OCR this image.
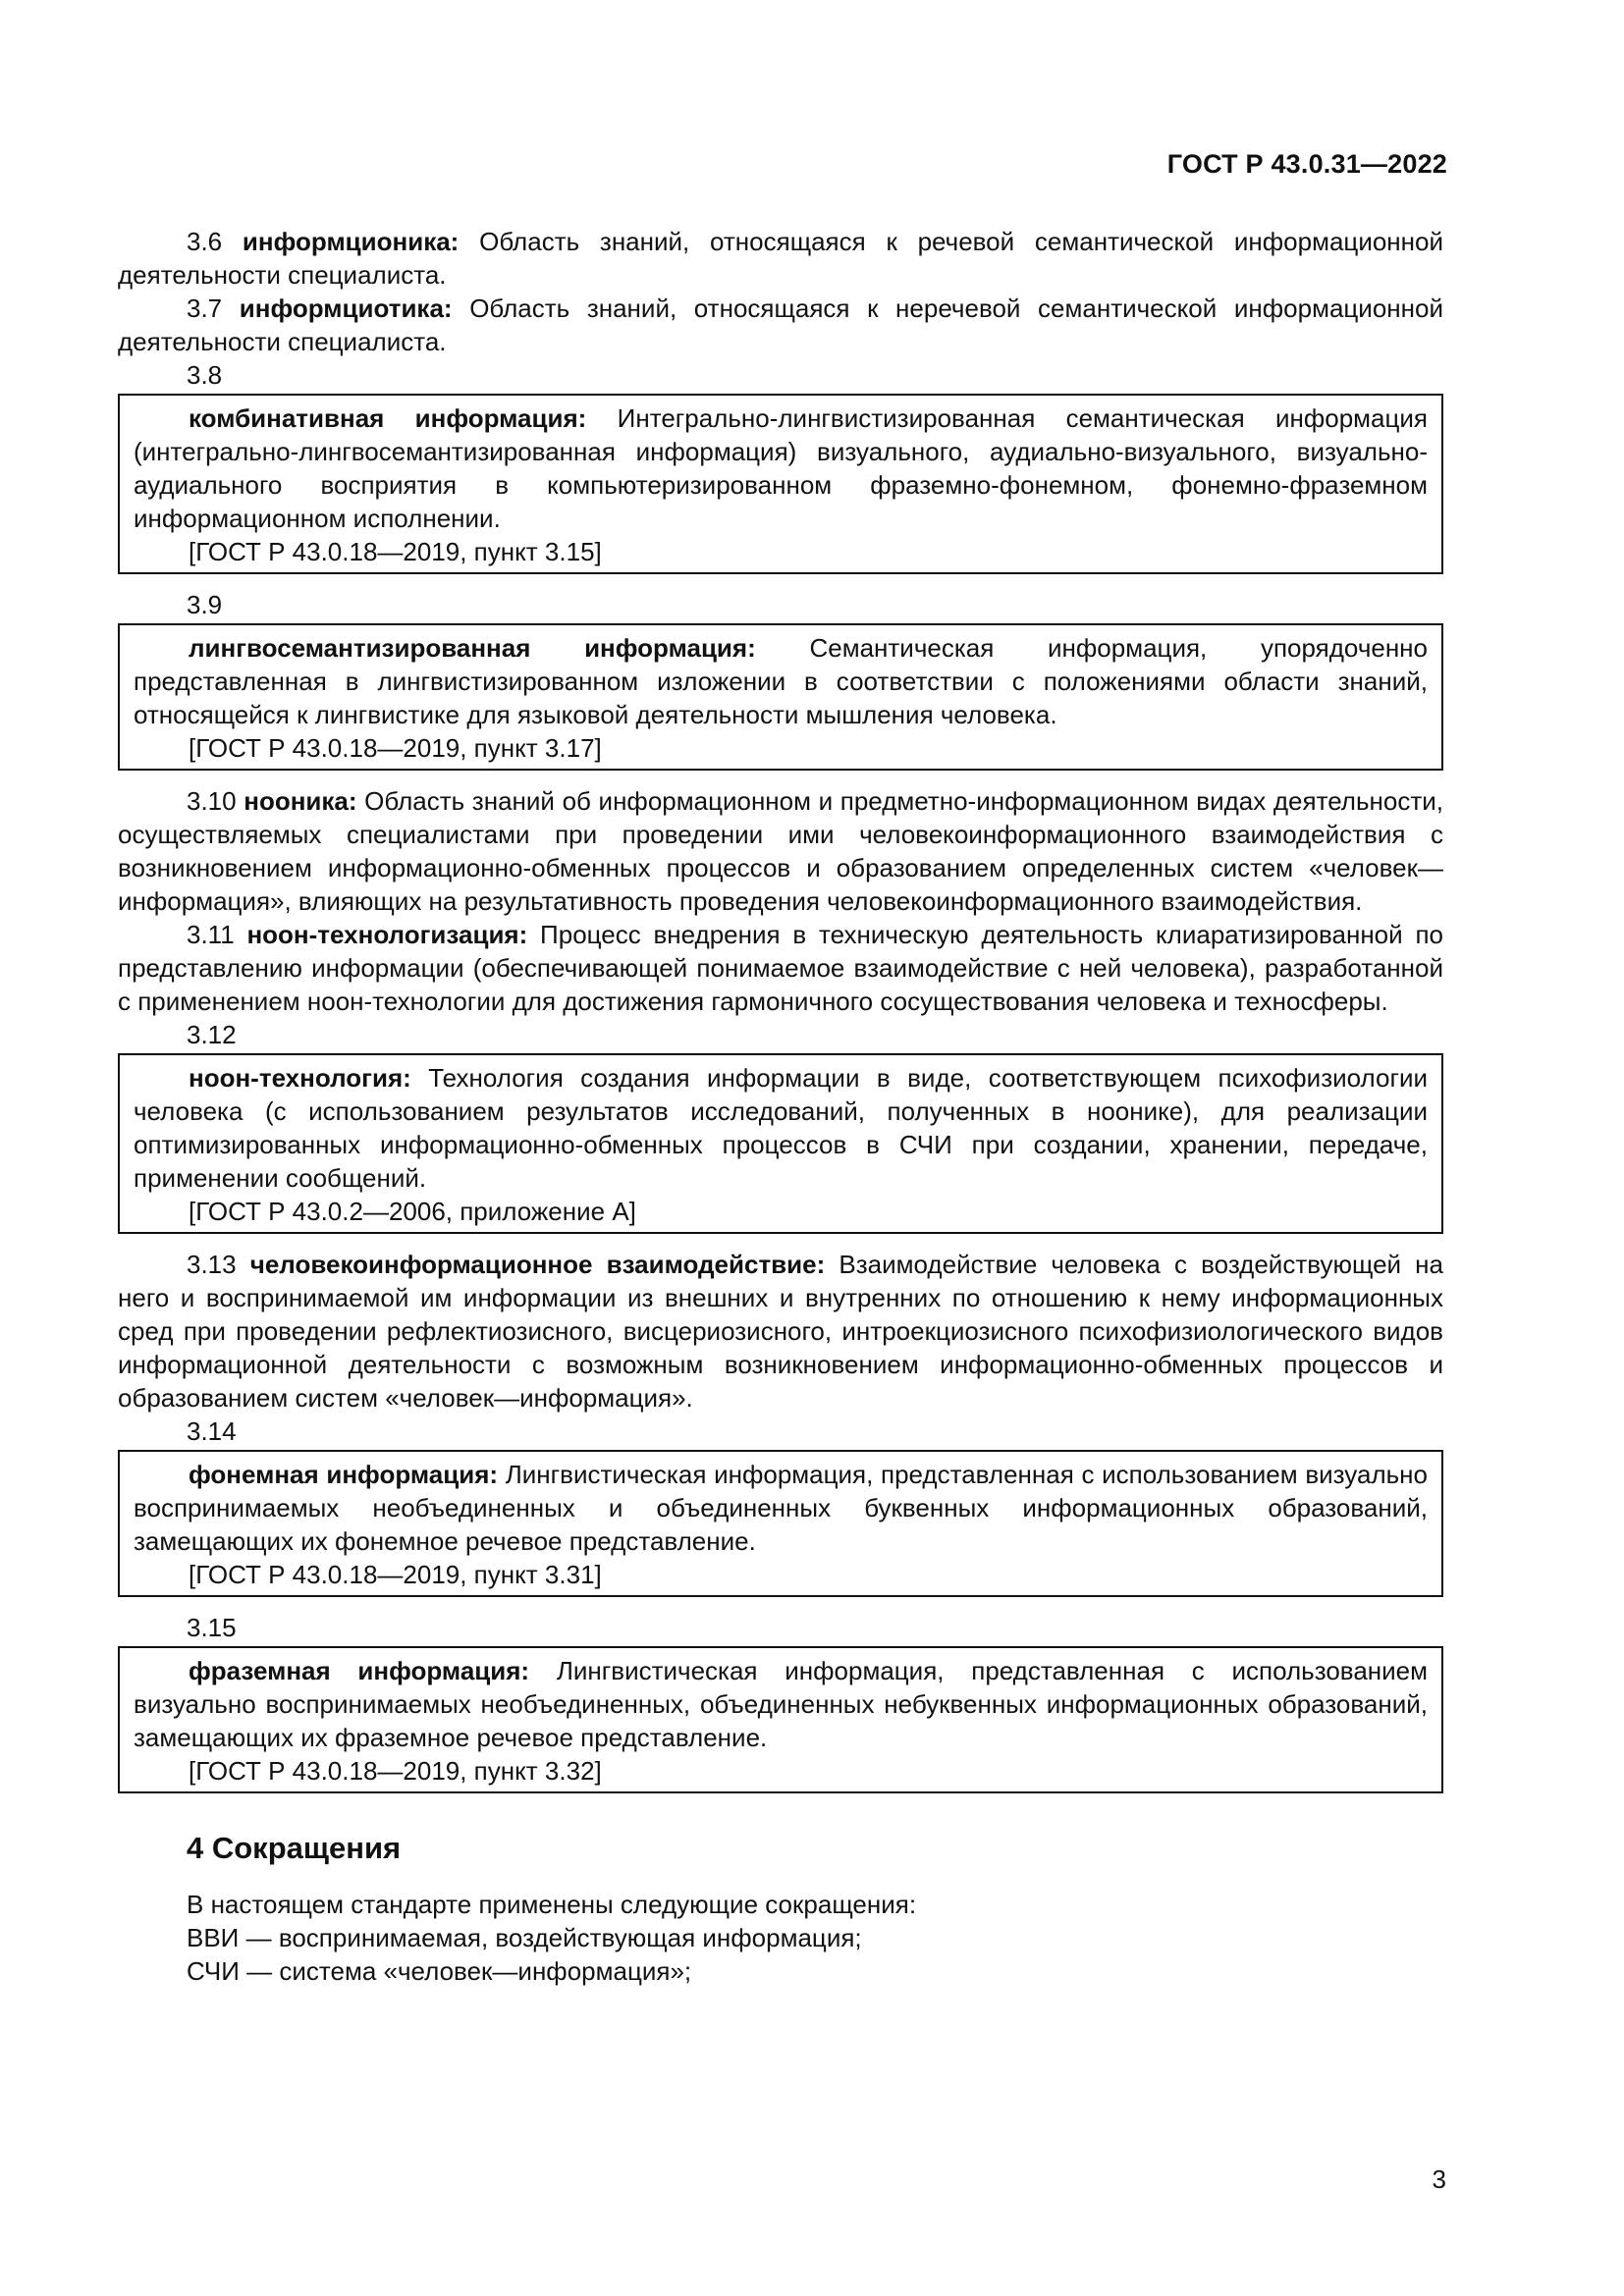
ГОСТ Р 43.0.31—2022

3.6 информционика: Область знаний, относящаяся к речевой семантической информационной деятельности специалиста.

3.7 информциотика: Область знаний, относящаяся к неречевой семантической информационной деятельности специалиста.

3.8

комбинативная информация: Интегрально-лингвистизированная семантическая информация (интегрально-лингвосемантизированная информация) визуального, аудиально-визуального, визуально-аудиального восприятия в компьютеризированном фраземно-фонемном, фонемно-фраземном информационном исполнении.

[ГОСТ Р 43.0.18—2019, пункт 3.15]

3.9

лингвосемантизированная информация: Семантическая информация, упорядоченно представленная в лингвистизированном изложении в соответствии с положениями области знаний, относящейся к лингвистике для языковой деятельности мышления человека.

[ГОСТ Р 43.0.18—2019, пункт 3.17]

3.10 нооника: Область знаний об информационном и предметно-информационном видах деятельности, осуществляемых специалистами при проведении ими человекоинформационного взаимодействия с возникновением информационно-обменных процессов и образованием определенных систем «человек—информация», влияющих на результативность проведения человекоинформационного взаимодействия.

3.11 ноон-технологизация: Процесс внедрения в техническую деятельность клиаратизированной по представлению информации (обеспечивающей понимаемое взаимодействие с ней человека), разработанной с применением ноон-технологии для достижения гармоничного сосуществования человека и техносферы.

3.12

ноон-технология: Технология создания информации в виде, соответствующем психофизиологии человека (с использованием результатов исследований, полученных в ноонике), для реализации оптимизированных информационно-обменных процессов в СЧИ при создании, хранении, передаче, применении сообщений.

[ГОСТ Р 43.0.2—2006, приложение А]

3.13 человекоинформационное взаимодействие: Взаимодействие человека с воздействующей на него и воспринимаемой им информации из внешних и внутренних по отношению к нему информационных сред при проведении рефлектиозисного, висцериозисного, интроекциозисного психофизиологического видов информационной деятельности с возможным возникновением информационно-обменных процессов и образованием систем «человек—информация».

3.14

фонемная информация: Лингвистическая информация, представленная с использованием визуально воспринимаемых необъединенных и объединенных буквенных информационных образований, замещающих их фонемное речевое представление.

[ГОСТ Р 43.0.18—2019, пункт 3.31]

3.15

фраземная информация: Лингвистическая информация, представленная с использованием визуально воспринимаемых необъединенных, объединенных небуквенных информационных образований, замещающих их фраземное речевое представление.

[ГОСТ Р 43.0.18—2019, пункт 3.32]

4 Сокращения

В настоящем стандарте применены следующие сокращения:

ВВИ — воспринимаемая, воздействующая информация;

СЧИ — система «человек—информация»;

3
